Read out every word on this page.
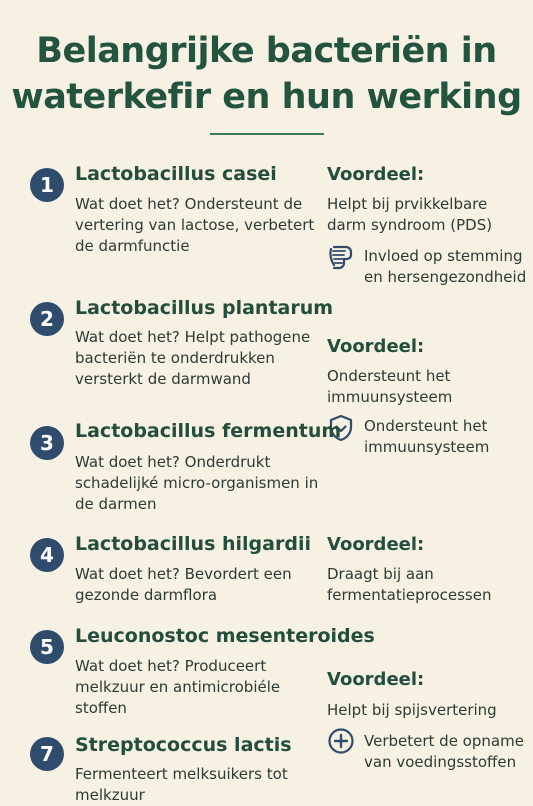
Belangrijke bacteriën in
waterkefir en hun werking
1	Lactobacillus casei
Wat doet het? Ondersteunt de vertering van lactose, verbetert de darmfunctie
Voordeel:
Helpt bij prvikkelbare darm syndroom (PDS)
Invloed op stemming en hersengezondheid
2	Lactobacillus plantarum
Wat doet het? Helpt pathogene bacteriën te onderdrukken versterkt de darmwand
Voordeel:
Ondersteunt het immuunsysteem
Ondersteunt het immuunsysteem
3	Lactobacillus fermentum
Wat doet het? Onderdrukt schadelijké micro-organismen in de darmen
4	Lactobacillus hilgardii
Wat doet het? Bevordert een gezonde darmflora
Voordeel:
Draagt bij aan fermentatieprocessen
5	Leuconostoc mesenteroides
Wat doet het? Produceert melkzuur en antimicrobiéle stoffen
Voordeel:
Helpt bij spijsvertering
Verbetert de opname van voedingsstoffen
7	Streptococcus lactis
Fermenteert melksuikers tot melkzuur
